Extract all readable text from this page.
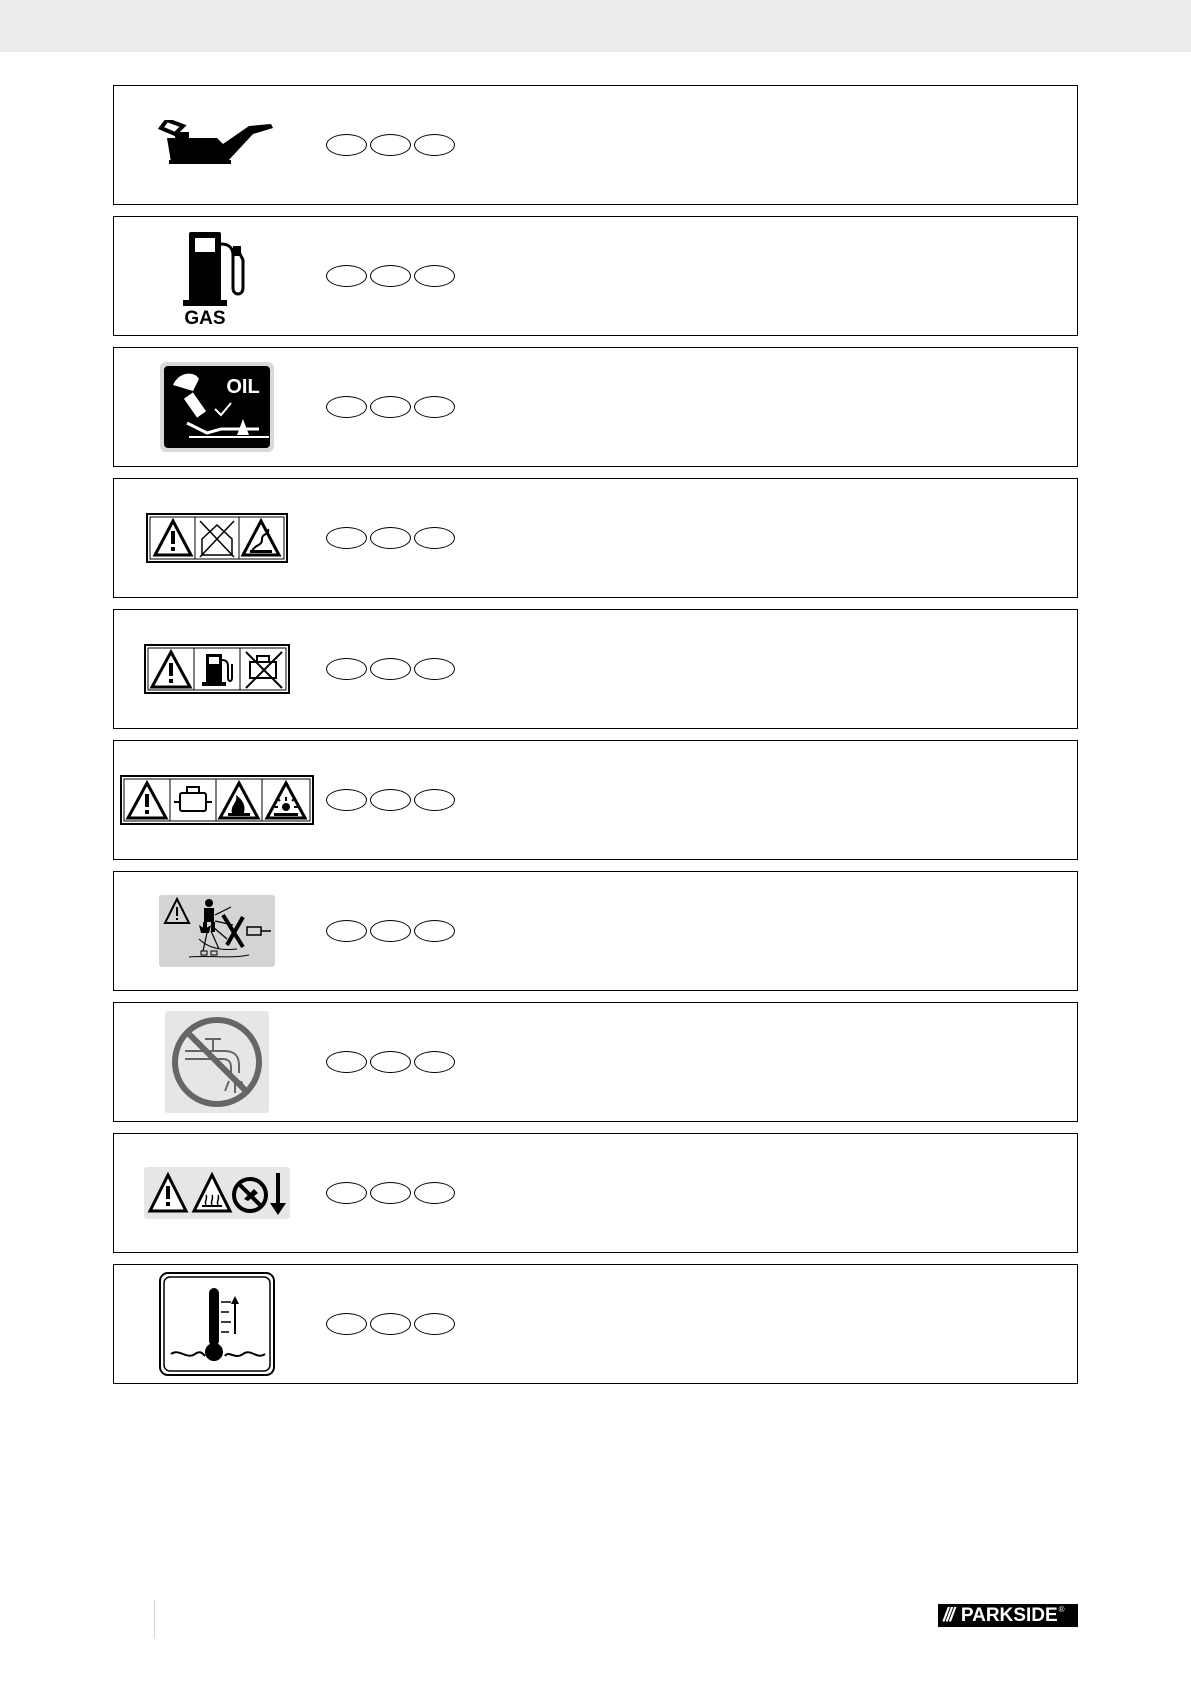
GAS
OIL
/// PARKSIDE ®
